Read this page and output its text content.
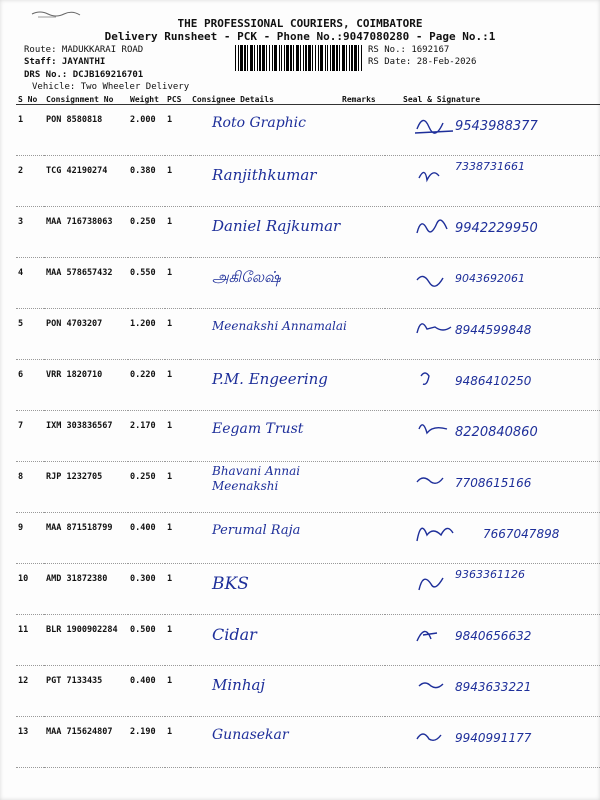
THE PROFESSIONAL COURIERS, COIMBATORE
Delivery Runsheet - PCK - Phone No.:9047080280 - Page No.:1
Route: MADUKKARAI ROAD
Staff: JAYANTHI
DRS No.: DCJB169216701
Vehicle: Two Wheeler Delivery
RS No.: 1692167
RS Date: 28-Feb-2026
S No	Consignment No	Weight	PCS	Consignee Details	Remarks	Seal & Signature
1	PON 8580818	2.000	1	Roto Graphic		9543988377

2	TCG 42190274	0.380	1	Ranjithkumar		7338731661

3	MAA 716738063	0.250	1	Daniel Rajkumar		9942229950

4	MAA 578657432	0.550	1	அகிலேஷ்		9043692061

5	PON 4703207	1.200	1	Meenakshi Annamalai		8944599848

6	VRR 1820710	0.220	1	P.M. Engeering		9486410250

7	IXM 303836567	2.170	1	Eegam Trust		8220840860

8	RJP 1232705	0.250	1	Bhavani Annai Meenakshi		7708615166

9	MAA 871518799	0.400	1	Perumal Raja		7667047898

10	AMD 31872380	0.300	1	BKS		9363361126

11	BLR 1900902284	0.500	1	Cidar		9840656632

12	PGT 7133435	0.400	1	Minhaj		8943633221

13	MAA 715624807	2.190	1	Gunasekar		9940991177
